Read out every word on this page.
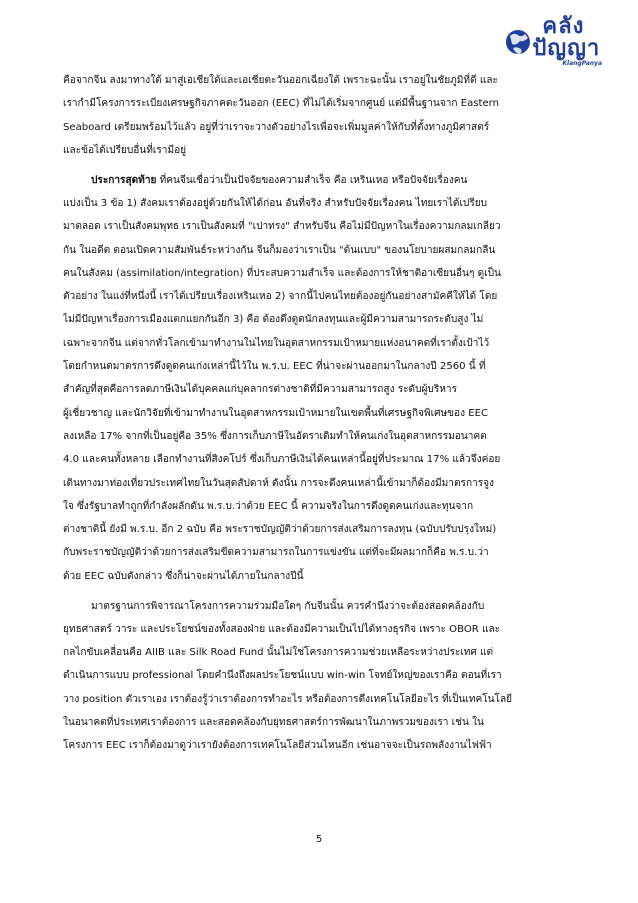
คลัง
ปัญญา
KlangPanya
คือจากจีน ลงมาทางใต้ มาสู่เอเชียใต้และเอเชียตะวันออกเฉียงใต้ เพราะฉะนั้น เราอยู่ในชัยภูมิที่ดี และ
เรากำมีโครงการระเบียงเศรษฐกิจภาคตะวันออก (EEC) ที่ไม่ได้เริ่มจากศูนย์ แต่มีพื้นฐานจาก Eastern
Seaboard เตรียมพร้อมไว้แล้ว อยู่ที่ว่าเราจะวางตัวอย่างไรเพื่อจะเพิ่มมูลค่าให้กับที่ตั้งทางภูมิศาสตร์
และข้อได้เปรียบอื่นที่เรามีอยู่
ประการสุดท้าย ที่คนจีนเชื่อว่าเป็นปัจจัยของความสำเร็จ คือ เหรินเหอ หรือปัจจัยเรื่องคน
แบ่งเป็น 3 ข้อ 1) สังคมเราต้องอยู่ด้วยกันให้ได้ก่อน อันที่จริง สำหรับปัจจัยเรื่องคน ไทยเราได้เปรียบ
มาตลอด เราเป็นสังคมพุทธ เราเป็นสังคมที่ "เปาทรง" สำหรับจีน คือไม่มีปัญหาในเรื่องความกลมเกลียว
กัน ในอดีต ตอนเปิดความสัมพันธ์ระหว่างกัน จีนก็มองว่าเราเป็น "ต้นแบบ" ของนโยบายผสมกลมกลืน
คนในสังคม (assimilation/integration) ที่ประสบความสำเร็จ และต้องการให้ชาติอาเซียนอื่นๆ ดูเป็น
ตัวอย่าง ในแง่ที่หนึ่งนี้ เราได้เปรียบเรื่องเหรินเหอ 2) จากนี้ไปคนไทยต้องอยู่กันอย่างสามัคคีให้ได้ โดย
ไม่มีปัญหาเรื่องการเมืองแตกแยกกันอีก 3) คือ ต้องดึงดูดนักลงทุนและผู้มีความสามารถระดับสูง ไม่
เฉพาะจากจีน แต่จากทั่วโลกเข้ามาทำงานในไทยในอุตสาหกรรมเป้าหมายแห่งอนาคตที่เราตั้งเป้าไว้
โดยกำหนดมาตรการดึงดูดคนเก่งเหล่านี้ไว้ใน พ.ร.บ. EEC ที่น่าจะผ่านออกมาในกลางปี 2560 นี้ ที่
สำคัญที่สุดคือการลดภาษีเงินได้บุคคลแก่บุคลากรต่างชาติที่มีความสามารถสูง ระดับผู้บริหาร
ผู้เชี่ยวชาญ และนักวิจัยที่เข้ามาทำงานในอุตสาหกรรมเป้าหมายในเขตพื้นที่เศรษฐกิจพิเศษของ EEC
ลงเหลือ 17% จากที่เป็นอยู่คือ 35% ซึ่งการเก็บภาษีในอัตราเดิมทำให้คนเก่งในอุตสาหกรรมอนาคต
4.0 และคนทั้งหลาย เลือกทำงานที่สิงคโปร์ ซึ่งเก็บภาษีเงินได้คนเหล่านี้อยู่ที่ประมาณ 17% แล้วจึงค่อย
เดินทางมาท่องเที่ยวประเทศไทยในวันสุดสัปดาห์ ดังนั้น การจะดึงคนเหล่านี้เข้ามาก็ต้องมีมาตรการจูง
ใจ ซึ่งรัฐบาลทำถูกที่กำลังผลักดัน พ.ร.บ.ว่าด้วย EEC นี้ ความจริงในการดึงดูดคนเก่งและทุนจาก
ต่างชาตินี้ ยังมี พ.ร.บ. อีก 2 ฉบับ คือ พระราชบัญญัติว่าด้วยการส่งเสริมการลงทุน (ฉบับปรับปรุงใหม่)
กับพระราชบัญญัติว่าด้วยการส่งเสริมขีดความสามารถในการแข่งขัน แต่ที่จะมีผลมากก็คือ พ.ร.บ.ว่า
ด้วย EEC ฉบับดังกล่าว ซึ่งก็น่าจะผ่านได้ภายในกลางปีนี้
มาตรฐานการพิจารณาโครงการความร่วมมือใดๆ กับจีนนั้น ควรคำนึงว่าจะต้องสอดคล้องกับ
ยุทธศาสตร์ วาระ และประโยชน์ของทั้งสองฝ่าย และต้องมีความเป็นไปได้ทางธุรกิจ เพราะ OBOR และ
กลไกขับเคลื่อนคือ AIIB และ Silk Road Fund นั้นไม่ใช่โครงการความช่วยเหลือระหว่างประเทศ แต่
ดำเนินการแบบ professional โดยคำนึงถึงผลประโยชน์แบบ win-win โจทย์ใหญ่ของเราคือ ตอนที่เรา
วาง position ตัวเราเอง เราต้องรู้ว่าเราต้องการทำอะไร หรือต้องการดึงเทคโนโลยีอะไร ที่เป็นเทคโนโลยี
ในอนาคตที่ประเทศเราต้องการ และสอดคล้องกับยุทธศาสตร์การพัฒนาในภาพรวมของเรา เช่น ใน
โครงการ EEC เราก็ต้องมาดูว่าเรายังต้องการเทคโนโลยีส่วนไหนอีก เช่นอาจจะเป็นรถพลังงานไฟฟ้า
5
